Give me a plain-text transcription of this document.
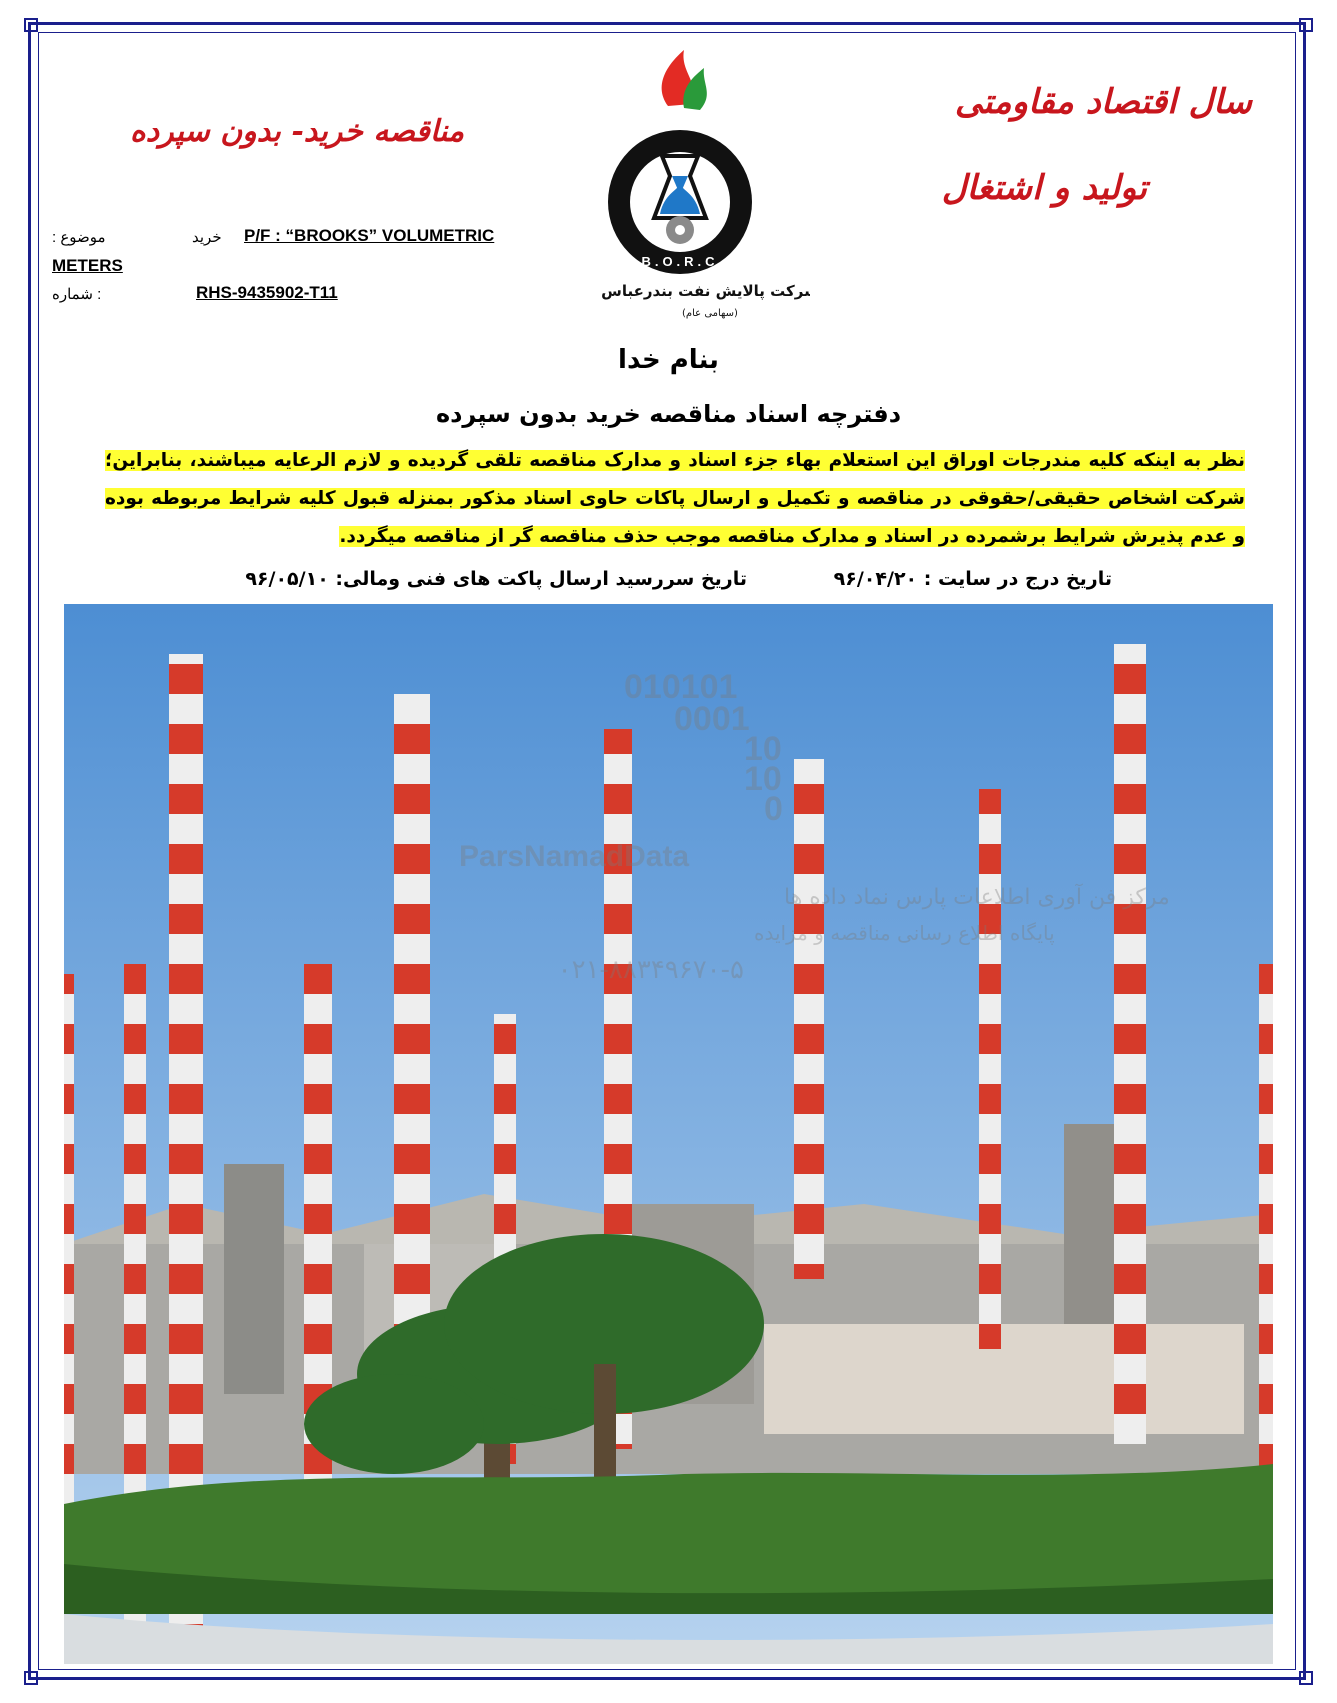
سال اقتصاد مقاومتی
تولید و اشتغال
مناقصه خرید- بدون سپرده
B.O.R.C
شرکت پالایش نفت بندرعباس
(سهامی عام)
موضوع :	خرید P/F : “BROOKS” VOLUMETRIC
METERS
: شماره	RHS-9435902-T11
بنام خدا
دفترچه اسناد مناقصه خرید بدون سپرده
نظر به اینکه کلیه مندرجات اوراق این استعلام بهاء جزء اسناد و مدارک مناقصه تلقی گردیده و لازم الرعایه میباشند، بنابراین؛ شرکت اشخاص حقیقی/حقوقی در مناقصه و تکمیل و ارسال پاکات حاوی اسناد مذکور بمنزله قبول کلیه شرایط مربوطه بوده و عدم پذیرش شرایط برشمرده در اسناد و مدارک مناقصه موجب حذف مناقصه گر از مناقصه میگردد.
تاریخ درج در سایت : ۹۶/۰۴/۲۰
تاریخ سررسید ارسال پاکت های فنی ومالی: ۹۶/۰۵/۱۰
010101
0001
10
10
0
ParsNamadData
مرکز فن آوری اطلاعات پارس نماد داده ها
پایگاه اطلاع رسانی مناقصه و مزایده
۰۲۱-۸۸۳۴۹۶۷۰-۵
